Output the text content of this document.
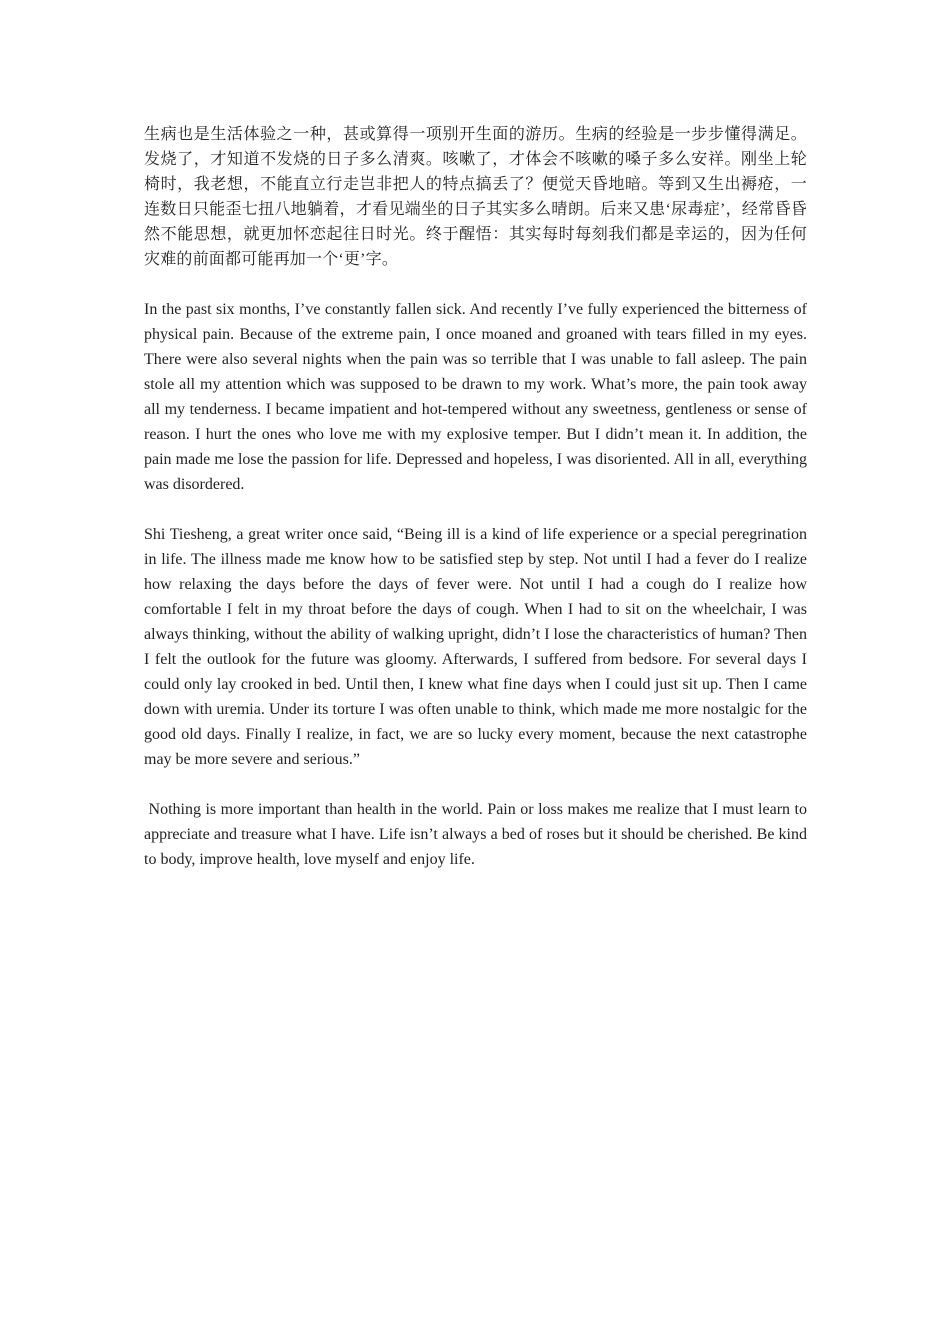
生病也是生活体验之一种，甚或算得一项别开生面的游历。生病的经验是一步步懂得满足。发烧了，才知道不发烧的日子多么清爽。咳嗽了，才体会不咳嗽的嗓子多么安祥。刚坐上轮椅时，我老想，不能直立行走岂非把人的特点搞丢了？便觉天昏地暗。等到又生出褥疮，一连数日只能歪七扭八地躺着，才看见端坐的日子其实多么晴朗。后来又患‘尿毒症’，经常昏昏然不能思想，就更加怀恋起往日时光。终于醒悟：其实每时每刻我们都是幸运的，因为任何灾难的前面都可能再加一个‘更’字。

In the past six months, I’ve constantly fallen sick. And recently I’ve fully experienced the bitterness of physical pain. Because of the extreme pain, I once moaned and groaned with tears filled in my eyes. There were also several nights when the pain was so terrible that I was unable to fall asleep. The pain stole all my attention which was supposed to be drawn to my work. What’s more, the pain took away all my tenderness. I became impatient and hot-tempered without any sweetness, gentleness or sense of reason. I hurt the ones who love me with my explosive temper. But I didn’t mean it. In addition, the pain made me lose the passion for life. Depressed and hopeless, I was disoriented. All in all, everything was disordered.

Shi Tiesheng, a great writer once said, “Being ill is a kind of life experience or a special peregrination in life. The illness made me know how to be satisfied step by step. Not until I had a fever do I realize how relaxing the days before the days of fever were. Not until I had a cough do I realize how comfortable I felt in my throat before the days of cough. When I had to sit on the wheelchair, I was always thinking, without the ability of walking upright, didn’t I lose the characteristics of human? Then I felt the outlook for the future was gloomy. Afterwards, I suffered from bedsore. For several days I could only lay crooked in bed. Until then, I knew what fine days when I could just sit up. Then I came down with uremia. Under its torture I was often unable to think, which made me more nostalgic for the good old days. Finally I realize, in fact, we are so lucky every moment, because the next catastrophe may be more severe and serious.”

Nothing is more important than health in the world. Pain or loss makes me realize that I must learn to appreciate and treasure what I have. Life isn’t always a bed of roses but it should be cherished. Be kind to body, improve health, love myself and enjoy life.
